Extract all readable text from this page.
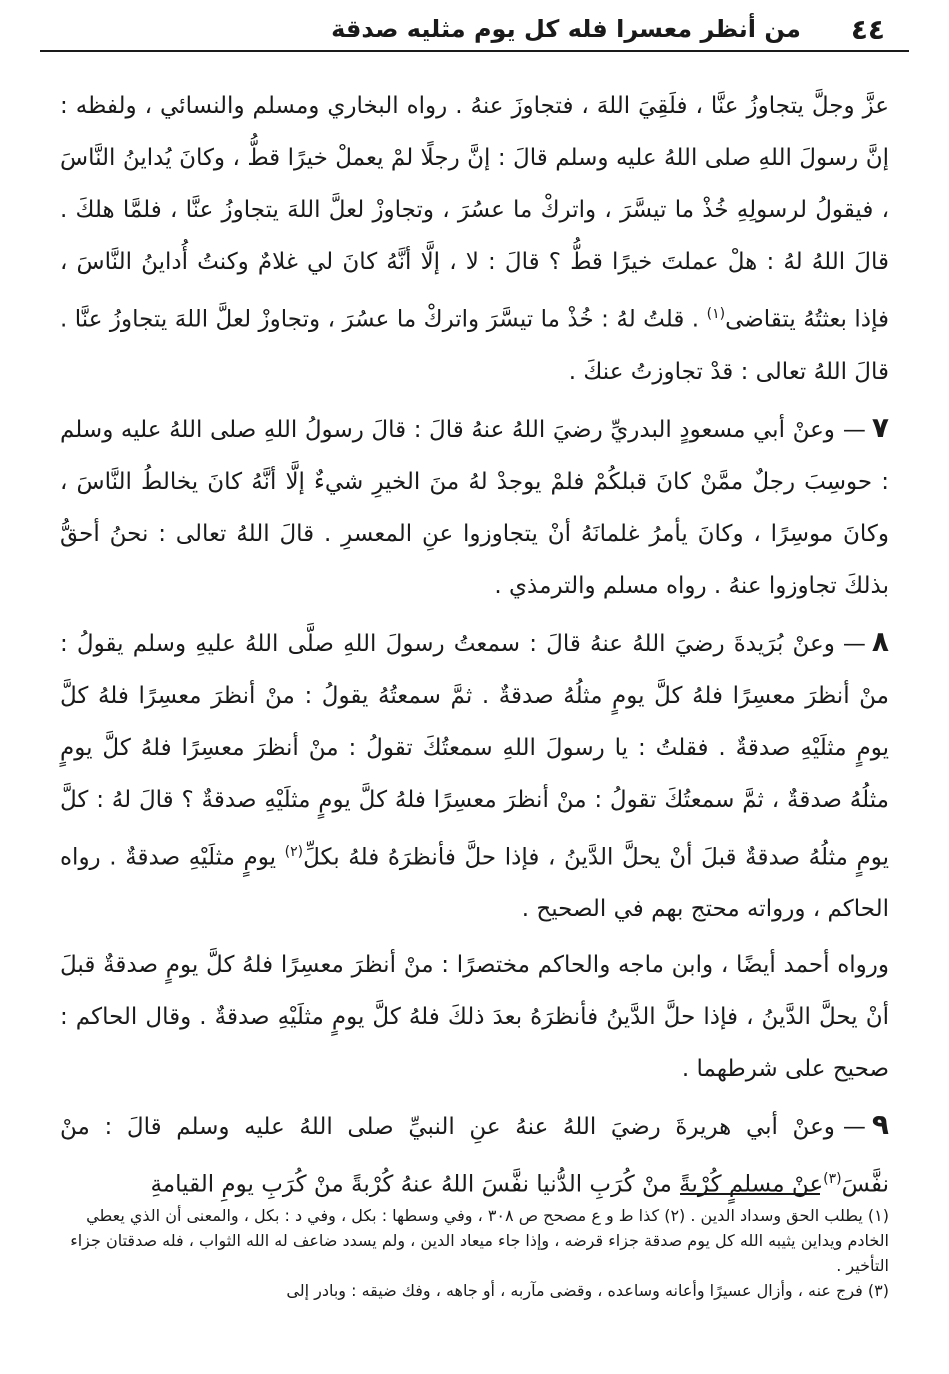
٤٤
من أنظر معسرا فله كل يوم مثليه صدقة

عزَّ وجلَّ يتجاوزُ عنَّا ، فلَقِيَ اللهَ ، فتجاوزَ عنهُ . رواه البخاري ومسلم والنسائي ، ولفظه : إنَّ رسولَ اللهِ صلى اللهُ عليه وسلم قالَ : إنَّ رجلًا لمْ يعملْ خيرًا قطُّ ، وكانَ يُداينُ النَّاسَ ، فيقولُ لرسولِهِ خُذْ ما تيسَّرَ ، واتركْ ما عسُرَ ، وتجاوزْ لعلَّ اللهَ يتجاوزُ عنَّا ، فلمَّا هلكَ . قالَ اللهُ لهُ : هلْ عملتَ خيرًا قطُّ ؟ قالَ : لا ، إلَّا أنَّهُ كانَ لي غلامٌ وكنتُ أُداينُ النَّاسَ ، فإذا بعثتُهُ يتقاضى$^{(١)}$ . قلتُ لهُ : خُذْ ما تيسَّرَ واتركْ ما عسُرَ ، وتجاوزْ لعلَّ اللهَ يتجاوزُ عنَّا . قالَ اللهُ تعالى : قدْ تجاوزتُ عنكَ .

٧—وعنْ أبي مسعودٍ البدريِّ رضيَ اللهُ عنهُ قالَ : قالَ رسولُ اللهِ صلى اللهُ عليه وسلم : حوسِبَ رجلٌ ممَّنْ كانَ قبلكُمْ فلمْ يوجدْ لهُ منَ الخيرِ شيءٌ إلَّا أنَّهُ كانَ يخالطُ النَّاسَ ، وكانَ موسِرًا ، وكانَ يأمرُ غلمانَهُ أنْ يتجاوزوا عنِ المعسرِ . قالَ اللهُ تعالى : نحنُ أحقُّ بذلكَ تجاوزوا عنهُ . رواه مسلم والترمذي .

٨—وعنْ بُرَيدةَ رضيَ اللهُ عنهُ قالَ : سمعتُ رسولَ اللهِ صلَّى اللهُ عليهِ وسلم يقولُ : منْ أنظرَ معسِرًا فلهُ كلَّ يومٍ مثلُهُ صدقةٌ . ثمَّ سمعتُهُ يقولُ : منْ أنظرَ معسِرًا فلهُ كلَّ يومٍ مثلَيْهِ صدقةٌ . فقلتُ : يا رسولَ اللهِ سمعتُكَ تقولُ : منْ أنظرَ معسِرًا فلهُ كلَّ يومٍ مثلُهُ صدقةٌ ، ثمَّ سمعتُكَ تقولُ : منْ أنظرَ معسِرًا فلهُ كلَّ يومٍ مثلَيْهِ صدقةٌ ؟ قالَ لهُ : كلَّ يومٍ مثلُهُ صدقةٌ قبلَ أنْ يحلَّ الدَّينُ ، فإذا حلَّ فأنظرَهُ فلهُ بكلِّ$^{(٢)}$ يومٍ مثلَيْهِ صدقةٌ . رواه الحاكم ، ورواته محتج بهم في الصحيح .

ورواه أحمد أيضًا ، وابن ماجه والحاكم مختصرًا : منْ أنظرَ معسِرًا فلهُ كلَّ يومٍ صدقةٌ قبلَ أنْ يحلَّ الدَّينُ ، فإذا حلَّ الدَّينُ فأنظرَهُ بعدَ ذلكَ فلهُ كلَّ يومٍ مثلَيْهِ صدقةٌ . وقال الحاكم : صحيح على شرطهما .

٩—وعنْ أبي هريرةَ رضيَ اللهُ عنهُ عنِ النبيِّ صلى اللهُ عليه وسلم قالَ : منْ نفَّسَ$^{(٣)}$عنْ مسلمٍ كُرْبةً منْ كُرَبِ الدُّنيا نفَّسَ اللهُ عنهُ كُرْبةً منْ كُرَبِ يومِ القيامةِ

(١) يطلب الحق وسداد الدين . (٢) كذا ط و ع مصحح ص ٣٠٨ ، وفي وسطها : بكل ، وفي د : بكل ، والمعنى أن الذي يعطي الخادم ويداين يثيبه الله كل يوم صدقة جزاء قرضه ، وإذا جاء ميعاد الدين ، ولم يسدد ضاعف له الله الثواب ، فله صدقتان جزاء التأخير .

(٣) فرج عنه ، وأزال عسيرًا وأعانه وساعده ، وقضى مآربه ، أو جاهه ، وفك ضيقه : وبادر إلى
